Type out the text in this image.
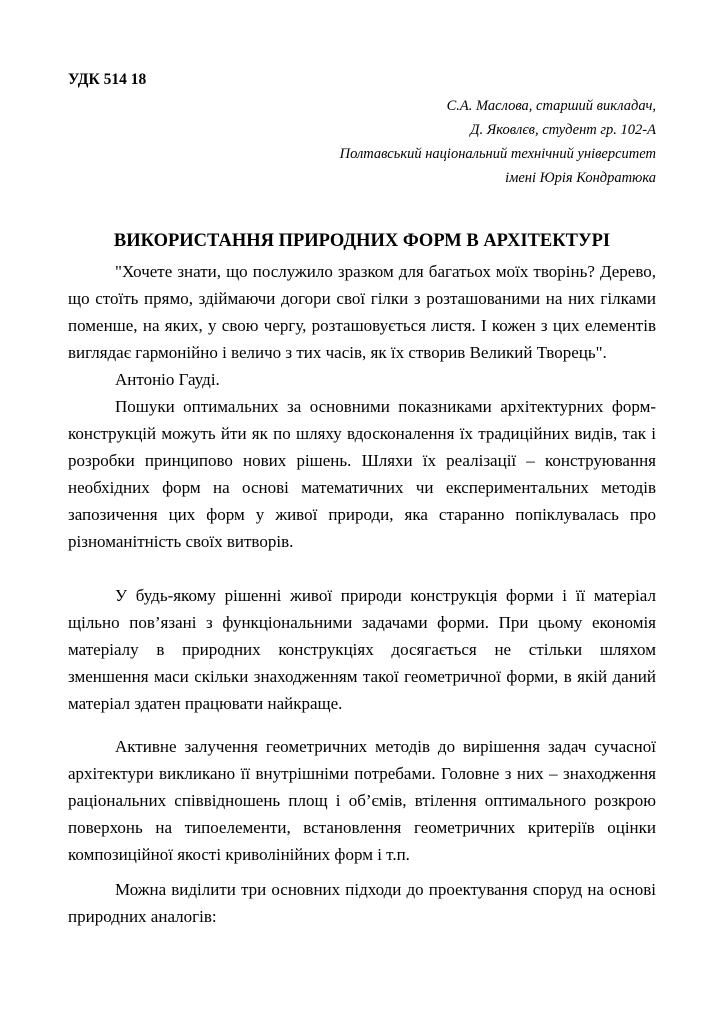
УДК 514 18
С.А. Маслова, старший викладач,
Д. Яковлєв, студент гр. 102-А
Полтавський національний технічний університет
імені Юрія Кондратюка
ВИКОРИСТАННЯ ПРИРОДНИХ ФОРМ В АРХІТЕКТУРІ
"Хочете знати, що послужило зразком для багатьох моїх творінь? Дерево,
що стоїть прямо, здіймаючи догори свої гілки з розташованими на них гілками
поменше, на яких, у свою чергу, розташовується листя. І кожен з цих елементів
виглядає гармонійно і величо з тих часів, як їх створив Великий Творець".
Антоніо Гауді.
Пошуки оптимальних за основними показниками архітектурних форм-
конструкцій можуть йти як по шляху вдосконалення їх традиційних видів, так і
розробки принципово нових рішень. Шляхи їх реалізації – конструювання
необхідних форм на основі математичних чи експериментальних методів
запозичення цих форм у живої природи, яка старанно попіклувалась про
різноманітність своїх витворів.
У будь-якому рішенні живої природи конструкція форми і її матеріал
щільно пов’язані з функціональними задачами форми. При цьому економія
матеріалу в природних конструкціях досягається не стільки шляхом
зменшення маси скільки знаходженням такої геометричної форми, в якій даний
матеріал здатен працювати найкраще.
Активне залучення геометричних методів до вирішення задач сучасної
архітектури викликано її внутрішніми потребами. Головне з них – знаходження
раціональних співвідношень площ і об’ємів, втілення оптимального розкрою
поверхонь на типоелементи, встановлення геометричних критеріїв оцінки
композиційної якості криволінійних форм і т.п.
Можна виділити три основних підходи до проектування споруд на основі
природних аналогів:
